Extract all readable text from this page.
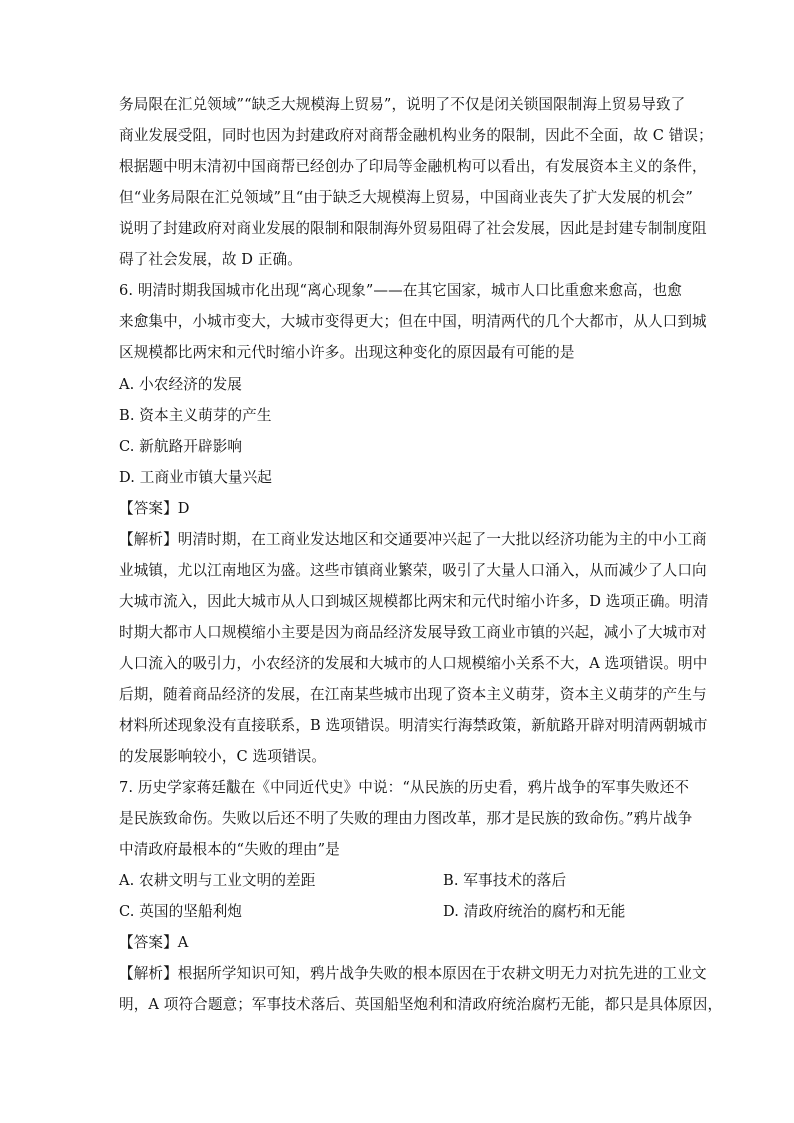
务局限在汇兑领域”“缺乏大规模海上贸易”，说明了不仅是闭关锁国限制海上贸易导致了
商业发展受阻，同时也因为封建政府对商帮金融机构业务的限制，因此不全面，故 C 错误；
根据题中明末清初中国商帮已经创办了印局等金融机构可以看出，有发展资本主义的条件，
但“业务局限在汇兑领域”且“由于缺乏大规模海上贸易，中国商业丧失了扩大发展的机会”
说明了封建政府对商业发展的限制和限制海外贸易阻碍了社会发展，因此是封建专制制度阻
碍了社会发展，故 D 正确。
6. 明清时期我国城市化出现“离心现象”——在其它国家，城市人口比重愈来愈高，也愈
来愈集中，小城市变大，大城市变得更大；但在中国，明清两代的几个大都市，从人口到城
区规模都比两宋和元代时缩小许多。出现这种变化的原因最有可能的是
A. 小农经济的发展
B. 资本主义萌芽的产生
C. 新航路开辟影响
D. 工商业市镇大量兴起
【答案】D
【解析】明清时期，在工商业发达地区和交通要冲兴起了一大批以经济功能为主的中小工商
业城镇，尤以江南地区为盛。这些市镇商业繁荣，吸引了大量人口涌入，从而减少了人口向
大城市流入，因此大城市从人口到城区规模都比两宋和元代时缩小许多，D 选项正确。明清
时期大都市人口规模缩小主要是因为商品经济发展导致工商业市镇的兴起，减小了大城市对
人口流入的吸引力，小农经济的发展和大城市的人口规模缩小关系不大，A 选项错误。明中
后期，随着商品经济的发展，在江南某些城市出现了资本主义萌芽，资本主义萌芽的产生与
材料所述现象没有直接联系，B 选项错误。明清实行海禁政策，新航路开辟对明清两朝城市
的发展影响较小，C 选项错误。
7. 历史学家蒋廷黻在《中同近代史》中说：“从民族的历史看，鸦片战争的军事失败还不
是民族致命伤。失败以后还不明了失败的理由力图改革，那才是民族的致命伤。”鸦片战争
中清政府最根本的“失败的理由”是
A. 农耕文明与工业文明的差距	B. 军事技术的落后
C. 英国的坚船利炮	D. 清政府统治的腐朽和无能
【答案】A
【解析】根据所学知识可知，鸦片战争失败的根本原因在于农耕文明无力对抗先进的工业文
明，A 项符合题意；军事技术落后、英国船坚炮利和清政府统治腐朽无能，都只是具体原因，
